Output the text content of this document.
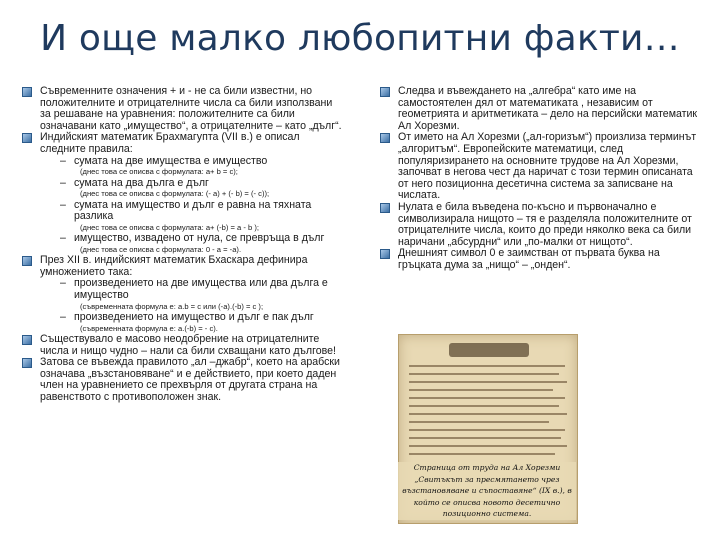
И още малко любопитни факти…
Съвременните означения + и - не са били известни, но положителните и отрицателните числа са били използвани за решаване на уравнения: положителните са били означавани като „имущество“, а отрицателните – като „дълг“.
Индийският математик Брахмагупта (VII в.) е описал следните правила:
– сумата на две имущества е имущество
(днес това се описва с формулата: a+ b = c);
– сумата на два дълга е дълг
(днес това се описва с формулата: (- a) + (- b) = (- c));
– сумата на имущество и дълг е равна на тяхната разлика
(днес това се описва с формулата: a+ (-b) = a - b );
– имущество, извадено от нула, се превръща в дълг
(днес това се описва с формулата: 0 - a = -a).
През XII в. индийският математик Бхаскара дефинира умножението така:
– произведението на две имущества или два дълга е имущество
(съвременната формула е: a.b = c или (-a).(-b) = c );
– произведението на имущество и дълг е пак дълг
(съвременната формула е: a.(-b) = - c).
Съществувало е масово неодобрение на отрицателните числа и нищо чудно – нали са били схващани като дългове!
Затова се въвежда правилото „ал –джабр“, което на арабски означава „възстановяване“ и е действието, при което даден член на уравнението се прехвърля от другата страна на равенството с противоположен знак.
Следва и въвеждането на „алгебра“ като име на самостоятелен дял от математиката , независим от геометрията и аритметиката – дело на персийски математик Ал Хорезми.
От името на Ал Хорезми („ал-горизъм“) произлиза терминът „алгоритъм“. Европейските математици, след популяризирането на основните трудове на Ал Хорезми, започват в негова чест да наричат с този термин описаната от него позиционна десетична система за записване на числата.
Нулата е била въведена по-късно и първоначално е символизирала нищото – тя е разделяла положителните от отрицателните числа, които до преди няколко века са били наричани „абсурдни“ или „по-малки от нищото“.
Днешният символ 0 е заимстван от първата буква на гръцката дума за „нищо“ – „онден“.
Страница от труда на Ал Хорезми „Свитъкът за пресмятането чрез възстановяване и съпоставяне“ (IX в.), в който се описва новото десетично позиционно система.
